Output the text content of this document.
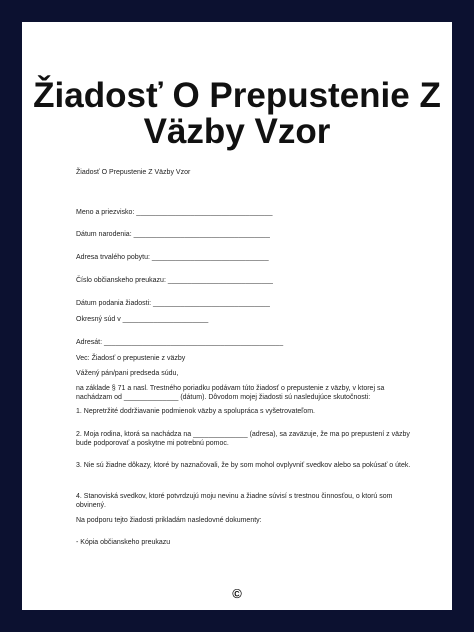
Žiadosť O Prepustenie Z
Väzby Vzor
Žiadosť O Prepustenie Z Väzby Vzor
Meno a priezvisko: ___________________________________
Dátum narodenia: ___________________________________
Adresa trvalého pobytu: ______________________________
Číslo občianskeho preukazu: ___________________________
Dátum podania žiadosti: ______________________________
Okresný súd v ______________________
Adresát: ______________________________________________
Vec: Žiadosť o prepustenie z väzby
Vážený pán/pani predseda súdu,
na základe § 71 a nasl. Trestného poriadku podávam túto žiadosť o prepustenie z väzby, v ktorej sa nachádzam od ______________ (dátum). Dôvodom mojej žiadosti sú nasledujúce skutočnosti:
1. Nepretržité dodržiavanie podmienok väzby a spolupráca s vyšetrovateľom.
2. Moja rodina, ktorá sa nachádza na ______________ (adresa), sa zaväzuje, že ma po prepustení z väzby bude podporovať a poskytne mi potrebnú pomoc.
3. Nie sú žiadne dôkazy, ktoré by naznačovali, že by som mohol ovplyvniť svedkov alebo sa pokúsať o útek.
4. Stanoviská svedkov, ktoré potvrdzujú moju nevinu a žiadne súvisí s trestnou činnosťou, o ktorú som obvinený.
Na podporu tejto žiadosti prikladám nasledovné dokumenty:
- Kópia občianskeho preukazu
©
